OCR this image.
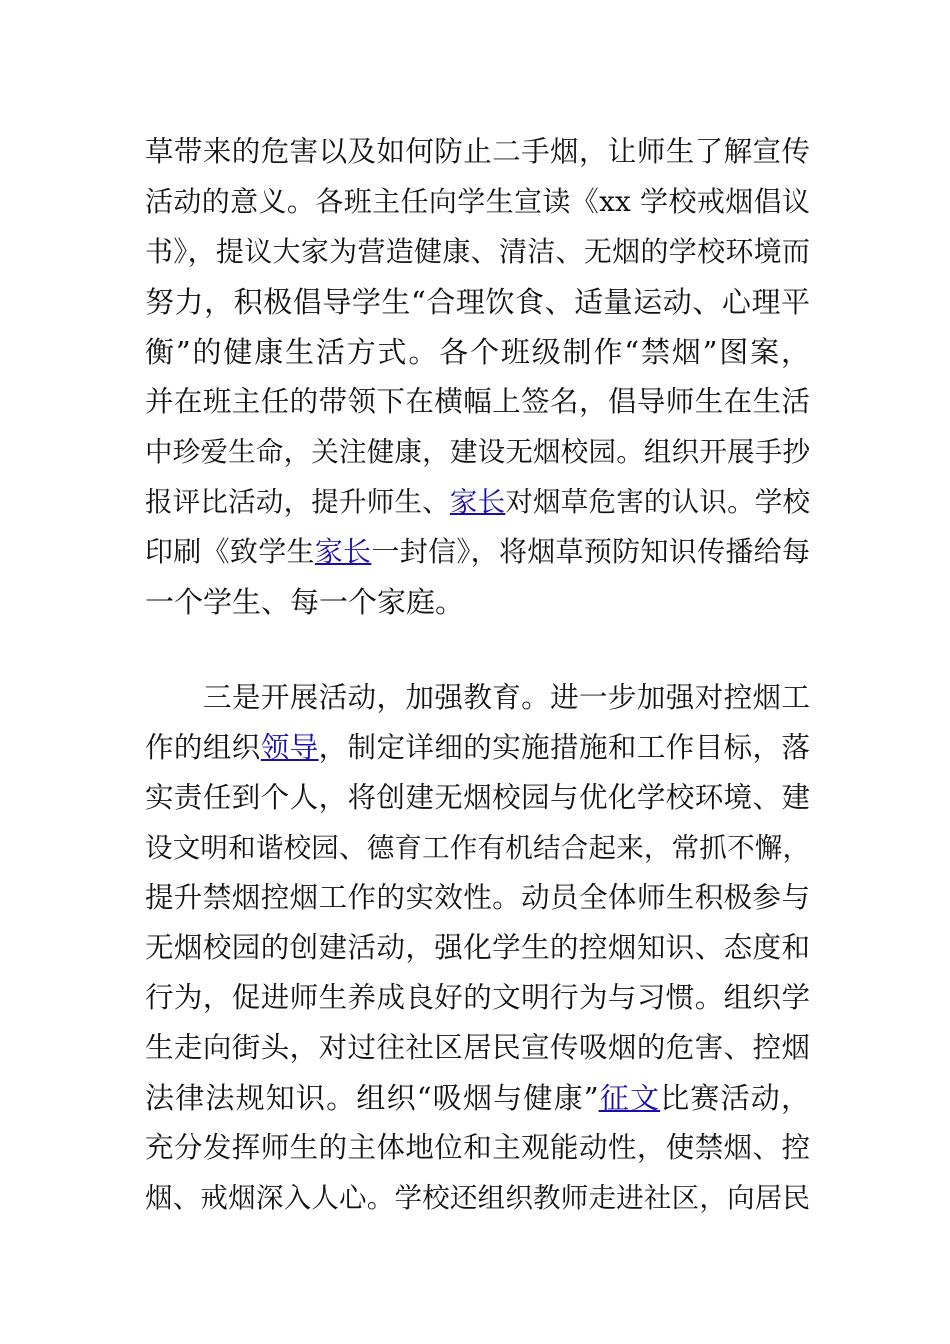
草带来的危害以及如何防止二手烟，让师生了解宣传
活动的意义。各班主任向学生宣读《xx 学校戒烟倡议
书》，提议大家为营造健康、清洁、无烟的学校环境而
努力，积极倡导学生“合理饮食、适量运动、心理平
衡”的健康生活方式。各个班级制作“禁烟”图案，
并在班主任的带领下在横幅上签名，倡导师生在生活
中珍爱生命，关注健康，建设无烟校园。组织开展手抄
报评比活动，提升师生、家长对烟草危害的认识。学校
印刷《致学生家长一封信》，将烟草预防知识传播给每
一个学生、每一个家庭。
三是开展活动，加强教育。进一步加强对控烟工
作的组织领导，制定详细的实施措施和工作目标，落
实责任到个人，将创建无烟校园与优化学校环境、建
设文明和谐校园、德育工作有机结合起来，常抓不懈，
提升禁烟控烟工作的实效性。动员全体师生积极参与
无烟校园的创建活动，强化学生的控烟知识、态度和
行为，促进师生养成良好的文明行为与习惯。组织学
生走向街头，对过往社区居民宣传吸烟的危害、控烟
法律法规知识。组织“吸烟与健康”征文比赛活动，
充分发挥师生的主体地位和主观能动性，使禁烟、控
烟、戒烟深入人心。学校还组织教师走进社区，向居民
